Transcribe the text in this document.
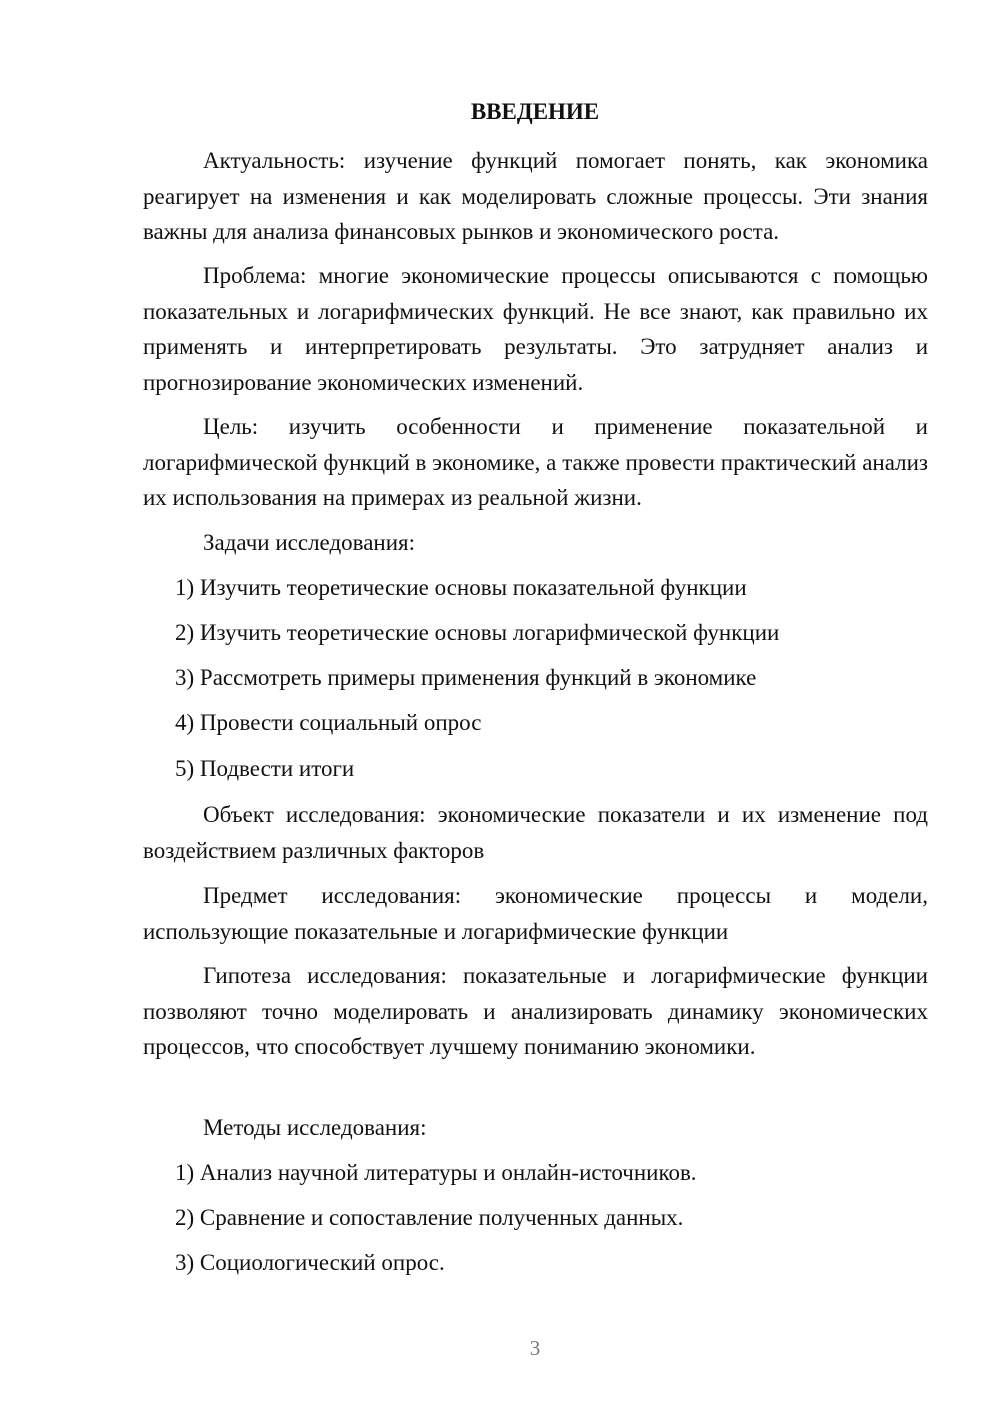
ВВЕДЕНИЕ

Актуальность: изучение функций помогает понять, как экономика реагирует на изменения и как моделировать сложные процессы. Эти знания важны для анализа финансовых рынков и экономического роста.

Проблема: многие экономические процессы описываются с помощью показательных и логарифмических функций. Не все знают, как правильно их применять и интерпретировать результаты. Это затрудняет анализ и прогнозирование экономических изменений.

Цель: изучить особенности и применение показательной и логарифмической функций в экономике, а также провести практический анализ их использования на примерах из реальной жизни.

Задачи исследования:

1) Изучить теоретические основы показательной функции

2) Изучить теоретические основы логарифмической функции

3) Рассмотреть примеры применения функций в экономике

4) Провести социальный опрос

5) Подвести итоги

Объект исследования: экономические показатели и их изменение под воздействием различных факторов

Предмет исследования: экономические процессы и модели, использующие показательные и логарифмические функции

Гипотеза исследования: показательные и логарифмические функции позволяют точно моделировать и анализировать динамику экономических процессов, что способствует лучшему пониманию экономики.

Методы исследования:

1) Анализ научной литературы и онлайн-источников.

2) Сравнение и сопоставление полученных данных.

3) Социологический опрос.

3
